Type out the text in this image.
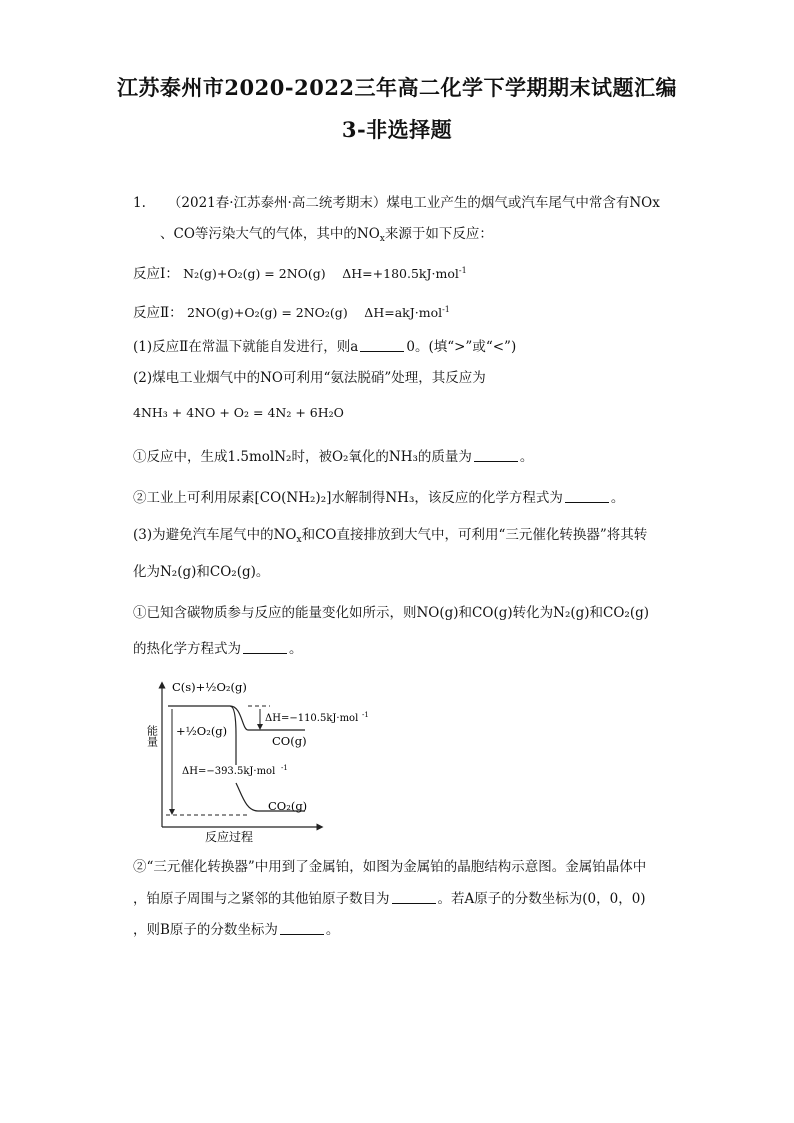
江苏泰州市2020-2022三年高二化学下学期期末试题汇编
3-非选择题
1. （2021春·江苏泰州·高二统考期末）煤电工业产生的烟气或汽车尾气中常含有NOx
、CO等污染大气的气体，其中的$NO_x$来源于如下反应：
反应Ⅰ： N₂(g)+O₂(g) = 2NO(g) ΔH=+180.5kJ·mol$^{-1}$
反应Ⅱ： 2NO(g)+O₂(g) = 2NO₂(g) ΔH=akJ·mol$^{-1}$
(1)反应Ⅱ在常温下就能自发进行，则a	0。(填“>”或“<”)
(2)煤电工业烟气中的NO可利用“氨法脱硝”处理，其反应为
4NH₃ + 4NO + O₂ = 4N₂ + 6H₂O
①反应中，生成1.5molN₂时，被O₂氧化的NH₃的质量为	。
②工业上可利用尿素[CO(NH₂)₂]水解制得NH₃，该反应的化学方程式为	。
(3)为避免汽车尾气中的$NO_x$和CO直接排放到大气中，可利用“三元催化转换器”将其转
化为N₂(g)和CO₂(g)。
①已知含碳物质参与反应的能量变化如所示，则NO(g)和CO(g)转化为N₂(g)和CO₂(g)
的热化学方程式为	。
能量
反应过程
C(s)+½O₂(g)
ΔH=−110.5kJ·mol -1
CO(g)
+½O₂(g)
CO₂(g)
ΔH=−393.5kJ·mol -1
②“三元催化转换器”中用到了金属铂，如图为金属铂的晶胞结构示意图。金属铂晶体中
，铂原子周围与之紧邻的其他铂原子数目为	。若A原子的分数坐标为(0，0，0)
，则B原子的分数坐标为	。
